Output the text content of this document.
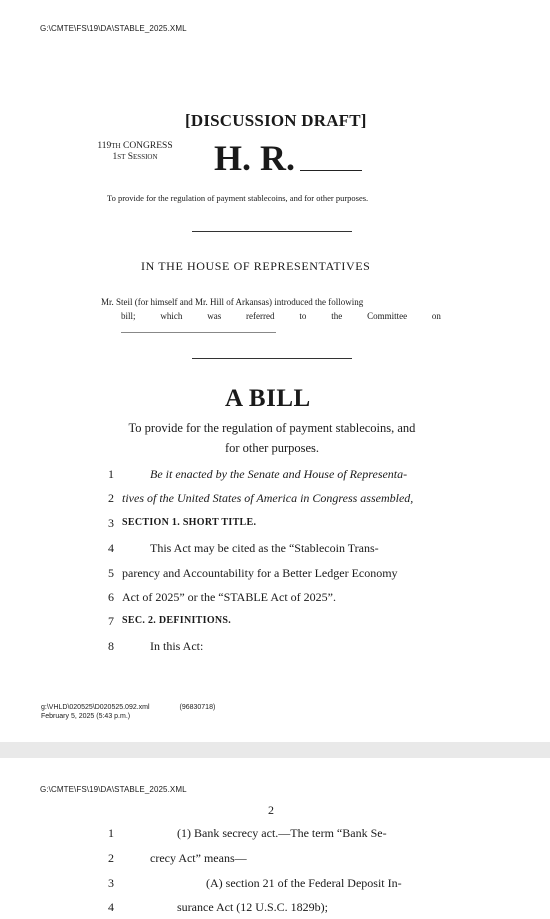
G:\CMTE\FS\19\DA\STABLE_2025.XML
[DISCUSSION DRAFT]
119th CONGRESS
1st Session	H. R.
To provide for the regulation of payment stablecoins, and for other purposes.
IN THE HOUSE OF REPRESENTATIVES
Mr. Steil (for himself and Mr. Hill of Arkansas) introduced the following
bill;	which	was	referred	to	the	Committee	on
A BILL
To provide for the regulation of payment stablecoins, and
for other purposes.
1	Be it enacted by the Senate and House of Representa-
2 tives of the United States of America in Congress assembled,
3 SECTION 1. SHORT TITLE.
4	This Act may be cited as the “Stablecoin Trans-
5 parency and Accountability for a Better Ledger Economy
6 Act of 2025” or the “STABLE Act of 2025”.
7 SEC. 2. DEFINITIONS.
8	In this Act:
g:\VHLD\020525\D020525.092.xml	(96830718)
February 5, 2025 (5:43 p.m.)
G:\CMTE\FS\19\DA\STABLE_2025.XML
2
1	(1) Bank secrecy act.—The term “Bank Se-
2	crecy Act” means—
3	(A) section 21 of the Federal Deposit In-
4	surance Act (12 U.S.C. 1829b);
